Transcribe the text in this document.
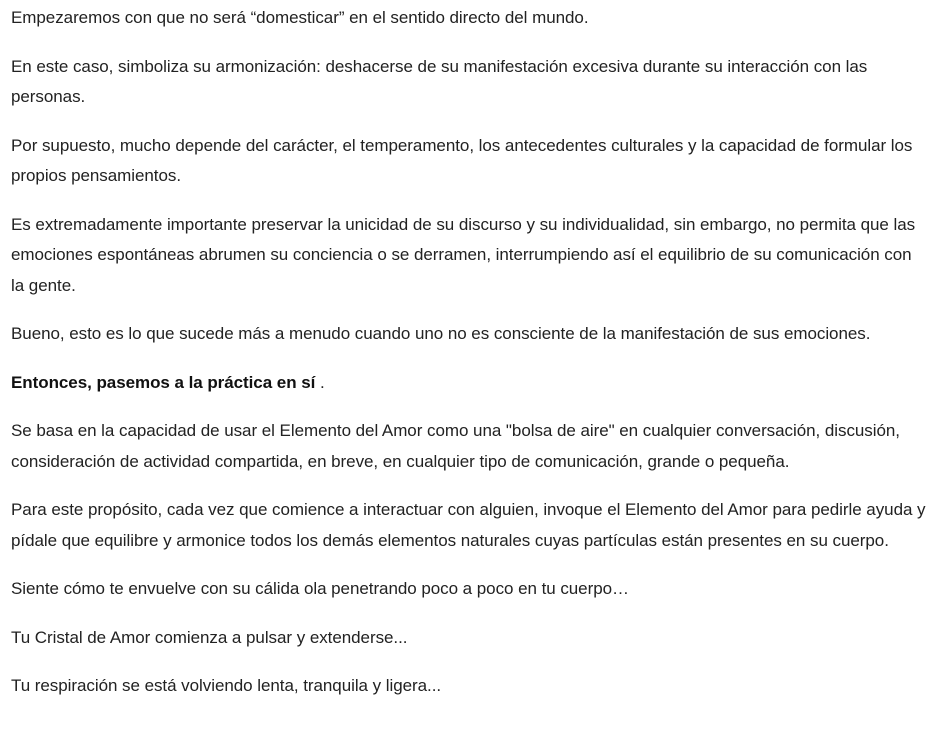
Empezaremos con que no será “domesticar” en el sentido directo del mundo.

En este caso, simboliza su armonización: deshacerse de su manifestación excesiva durante su interacción con las personas.

Por supuesto, mucho depende del carácter, el temperamento, los antecedentes culturales y la capacidad de formular los propios pensamientos.

Es extremadamente importante preservar la unicidad de su discurso y su individualidad, sin embargo, no permita que las emociones espontáneas abrumen su conciencia o se derramen, interrumpiendo así el equilibrio de su comunicación con la gente.

Bueno, esto es lo que sucede más a menudo cuando uno no es consciente de la manifestación de sus emociones.

Entonces, pasemos a la práctica en sí .

Se basa en la capacidad de usar el Elemento del Amor como una "bolsa de aire" en cualquier conversación, discusión, consideración de actividad compartida, en breve, en cualquier tipo de comunicación, grande o pequeña.

Para este propósito, cada vez que comience a interactuar con alguien, invoque el Elemento del Amor para pedirle ayuda y pídale que equilibre y armonice todos los demás elementos naturales cuyas partículas están presentes en su cuerpo.

Siente cómo te envuelve con su cálida ola penetrando poco a poco en tu cuerpo…

Tu Cristal de Amor comienza a pulsar y extenderse...

Tu respiración se está volviendo lenta, tranquila y ligera...
